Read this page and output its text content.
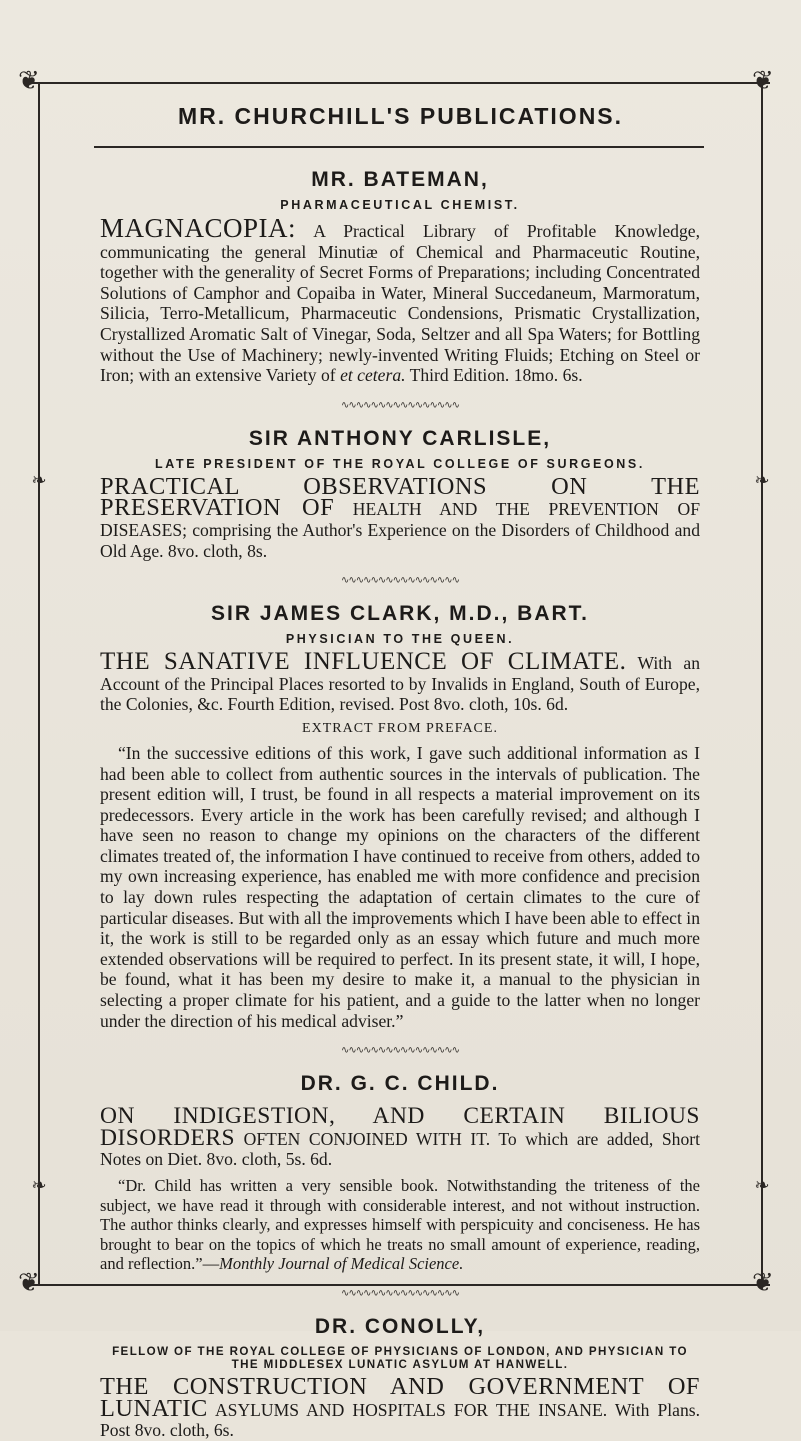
❦	❦
❦	❦
❧	❧
❧	❧
MR. CHURCHILL'S PUBLICATIONS.

MR. BATEMAN,

PHARMACEUTICAL CHEMIST.

MAGNACOPIA: A Practical Library of Profitable Knowledge, communicating the general Minutiæ of Chemical and Pharmaceutic Routine, together with the generality of Secret Forms of Preparations; including Concentrated Solutions of Camphor and Copaiba in Water, Mineral Succedaneum, Marmoratum, Silicia, Terro-Metallicum, Pharmaceutic Condensions, Prismatic Crystallization, Crystallized Aromatic Salt of Vinegar, Soda, Seltzer and all Spa Waters; for Bottling without the Use of Machinery; newly-invented Writing Fluids; Etching on Steel or Iron; with an extensive Variety of et cetera. Third Edition. 18mo. 6s.

∿∿∿∿∿∿∿∿∿∿∿∿∿∿∿∿

SIR ANTHONY CARLISLE,

LATE PRESIDENT OF THE ROYAL COLLEGE OF SURGEONS.

PRACTICAL OBSERVATIONS ON THE PRESERVATION OF HEALTH AND THE PREVENTION OF DISEASES; comprising the Author's Experience on the Disorders of Childhood and Old Age. 8vo. cloth, 8s.

∿∿∿∿∿∿∿∿∿∿∿∿∿∿∿∿

SIR JAMES CLARK, M.D., BART.

PHYSICIAN TO THE QUEEN.

THE SANATIVE INFLUENCE OF CLIMATE. With an Account of the Principal Places resorted to by Invalids in England, South of Europe, the Colonies, &c. Fourth Edition, revised. Post 8vo. cloth, 10s. 6d.

EXTRACT FROM PREFACE.

“In the successive editions of this work, I gave such additional information as I had been able to collect from authentic sources in the intervals of publication. The present edition will, I trust, be found in all respects a material improvement on its predecessors. Every article in the work has been carefully revised; and although I have seen no reason to change my opinions on the characters of the different climates treated of, the information I have continued to receive from others, added to my own increasing experience, has enabled me with more confidence and precision to lay down rules respecting the adaptation of certain climates to the cure of particular diseases. But with all the improvements which I have been able to effect in it, the work is still to be regarded only as an essay which future and much more extended observations will be required to perfect. In its present state, it will, I hope, be found, what it has been my desire to make it, a manual to the physician in selecting a proper climate for his patient, and a guide to the latter when no longer under the direction of his medical adviser.”

∿∿∿∿∿∿∿∿∿∿∿∿∿∿∿∿

DR. G. C. CHILD.

ON INDIGESTION, AND CERTAIN BILIOUS DISORDERS OFTEN CONJOINED WITH IT. To which are added, Short Notes on Diet. 8vo. cloth, 5s. 6d.

“Dr. Child has written a very sensible book. Notwithstanding the triteness of the subject, we have read it through with considerable interest, and not without instruction. The author thinks clearly, and expresses himself with perspicuity and conciseness. He has brought to bear on the topics of which he treats no small amount of experience, reading, and reflection.”—Monthly Journal of Medical Science.

∿∿∿∿∿∿∿∿∿∿∿∿∿∿∿∿

DR. CONOLLY,

FELLOW OF THE ROYAL COLLEGE OF PHYSICIANS OF LONDON, AND PHYSICIAN TO THE MIDDLESEX LUNATIC ASYLUM AT HANWELL.

THE CONSTRUCTION AND GOVERNMENT OF LUNATIC ASYLUMS AND HOSPITALS FOR THE INSANE. With Plans. Post 8vo. cloth, 6s.
